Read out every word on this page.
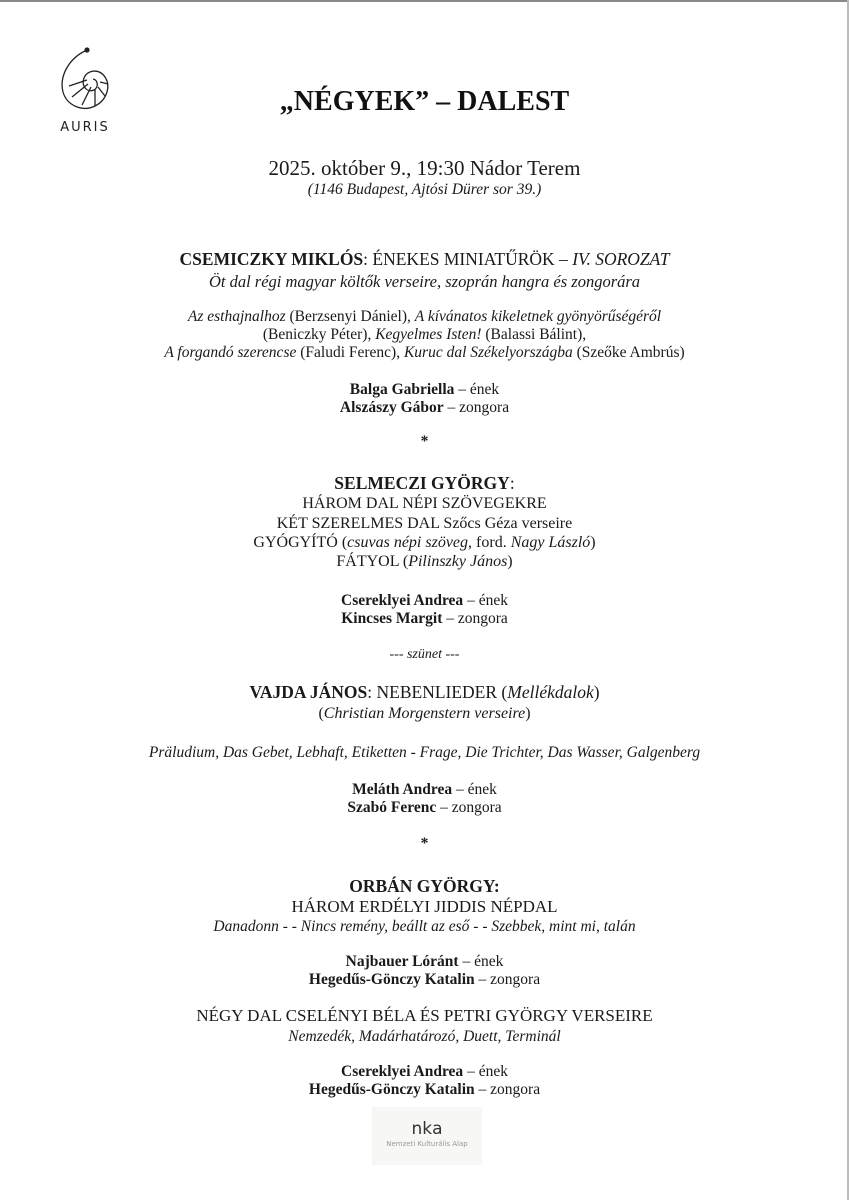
AURIS
„NÉGYEK” – DALEST
2025. október 9., 19:30 Nádor Terem
(1146 Budapest, Ajtósi Dürer sor 39.)
CSEMICZKY MIKLÓS: ÉNEKES MINIATŰRÖK – IV. SOROZAT
Öt dal régi magyar költők verseire, szoprán hangra és zongorára
Az esthajnalhoz (Berzsenyi Dániel), A kívánatos kikeletnek gyönyörűségéről
(Beniczky Péter), Kegyelmes Isten! (Balassi Bálint),
A forgandó szerencse (Faludi Ferenc), Kuruc dal Székelyországba (Szeőke Ambrús)
Balga Gabriella – ének
Alszászy Gábor – zongora
*
SELMECZI GYÖRGY:
HÁROM DAL NÉPI SZÖVEGEKRE
KÉT SZERELMES DAL Szőcs Géza verseire
GYÓGYÍTÓ (csuvas népi szöveg, ford. Nagy László)
FÁTYOL (Pilinszky János)
Csereklyei Andrea – ének
Kincses Margit – zongora
--- szünet ---
VAJDA JÁNOS: NEBENLIEDER (Mellékdalok)
(Christian Morgenstern verseire)
Präludium, Das Gebet, Lebhaft, Etiketten - Frage, Die Trichter, Das Wasser, Galgenberg
Meláth Andrea – ének
Szabó Ferenc – zongora
*
ORBÁN GYÖRGY:
HÁROM ERDÉLYI JIDDIS NÉPDAL
Danadonn - - Nincs remény, beállt az eső - - Szebbek, mint mi, talán
Najbauer Lóránt – ének
Hegedűs-Gönczy Katalin – zongora
NÉGY DAL CSELÉNYI BÉLA ÉS PETRI GYÖRGY VERSEIRE
Nemzedék, Madárhatározó, Duett, Terminál
Csereklyei Andrea – ének
Hegedűs-Gönczy Katalin – zongora
nkа
Nemzeti Kulturális Alap
